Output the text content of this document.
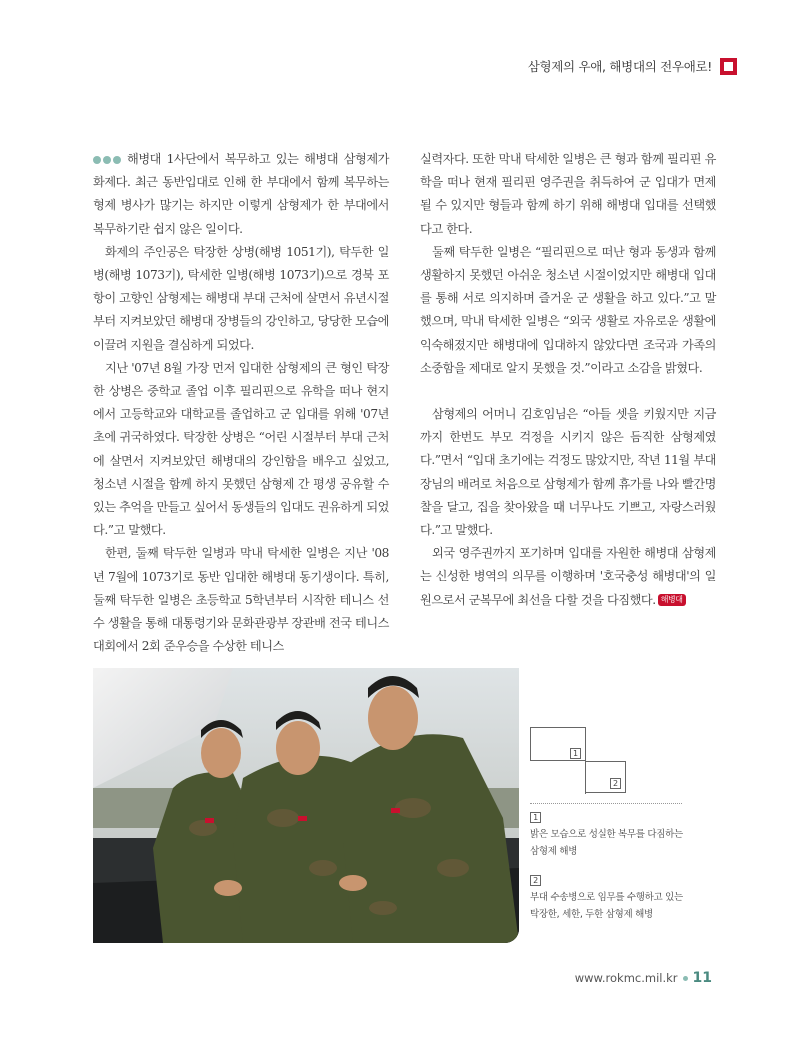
삼형제의 우애, 해병대의 전우애로!

해병대 1사단에서 복무하고 있는 해병대 삼형제가 화제다. 최근 동반입대로 인해 한 부대에서 함께 복무하는 형제 병사가 많기는 하지만 이렇게 삼형제가 한 부대에서 복무하기란 쉽지 않은 일이다.

화제의 주인공은 탁장한 상병(해병 1051기), 탁두한 일병(해병 1073기), 탁세한 일병(해병 1073기)으로 경북 포항이 고향인 삼형제는 해병대 부대 근처에 살면서 유년시절부터 지켜보았던 해병대 장병들의 강인하고, 당당한 모습에 이끌려 지원을 결심하게 되었다.

지난 '07년 8월 가장 먼저 입대한 삼형제의 큰 형인 탁장한 상병은 중학교 졸업 이후 필리핀으로 유학을 떠나 현지에서 고등학교와 대학교를 졸업하고 군 입대를 위해 '07년 초에 귀국하였다. 탁장한 상병은 “어린 시절부터 부대 근처에 살면서 지켜보았던 해병대의 강인함을 배우고 싶었고, 청소년 시절을 함께 하지 못했던 삼형제 간 평생 공유할 수 있는 추억을 만들고 싶어서 동생들의 입대도 권유하게 되었다.”고 말했다.

한편, 둘째 탁두한 일병과 막내 탁세한 일병은 지난 '08년 7월에 1073기로 동반 입대한 해병대 동기생이다. 특히, 둘째 탁두한 일병은 초등학교 5학년부터 시작한 테니스 선수 생활을 통해 대통령기와 문화관광부 장관배 전국 테니스대회에서 2회 준우승을 수상한 테니스

실력자다. 또한 막내 탁세한 일병은 큰 형과 함께 필리핀 유학을 떠나 현재 필리핀 영주권을 취득하여 군 입대가 면제될 수 있지만 형들과 함께 하기 위해 해병대 입대를 선택했다고 한다.

둘째 탁두한 일병은 “필리핀으로 떠난 형과 동생과 함께 생활하지 못했던 아쉬운 청소년 시절이었지만 해병대 입대를 통해 서로 의지하며 즐거운 군 생활을 하고 있다.”고 말했으며, 막내 탁세한 일병은 “외국 생활로 자유로운 생활에 익숙해졌지만 해병대에 입대하지 않았다면 조국과 가족의 소중함을 제대로 알지 못했을 것.”이라고 소감을 밝혔다.

삼형제의 어머니 김호임님은 “아들 셋을 키웠지만 지금까지 한번도 부모 걱정을 시키지 않은 듬직한 삼형제였다.”면서 “입대 초기에는 걱정도 많았지만, 작년 11월 부대장님의 배려로 처음으로 삼형제가 함께 휴가를 나와 빨간명찰을 달고, 집을 찾아왔을 때 너무나도 기쁘고, 자랑스러웠다.”고 말했다.

외국 영주권까지 포기하며 입대를 자원한 해병대 삼형제는 신성한 병역의 의무를 이행하며 '호국충성 해병대'의 일원으로서 군복무에 최선을 다할 것을 다짐했다. 해병대

1
2
1
밝은 모습으로 성실한 복무를 다짐하는
삼형제 해병
2
부대 수송병으로 임무를 수행하고 있는
탁장한, 세한, 두한 삼형제 해병
www.rokmc.mil.kr 11
